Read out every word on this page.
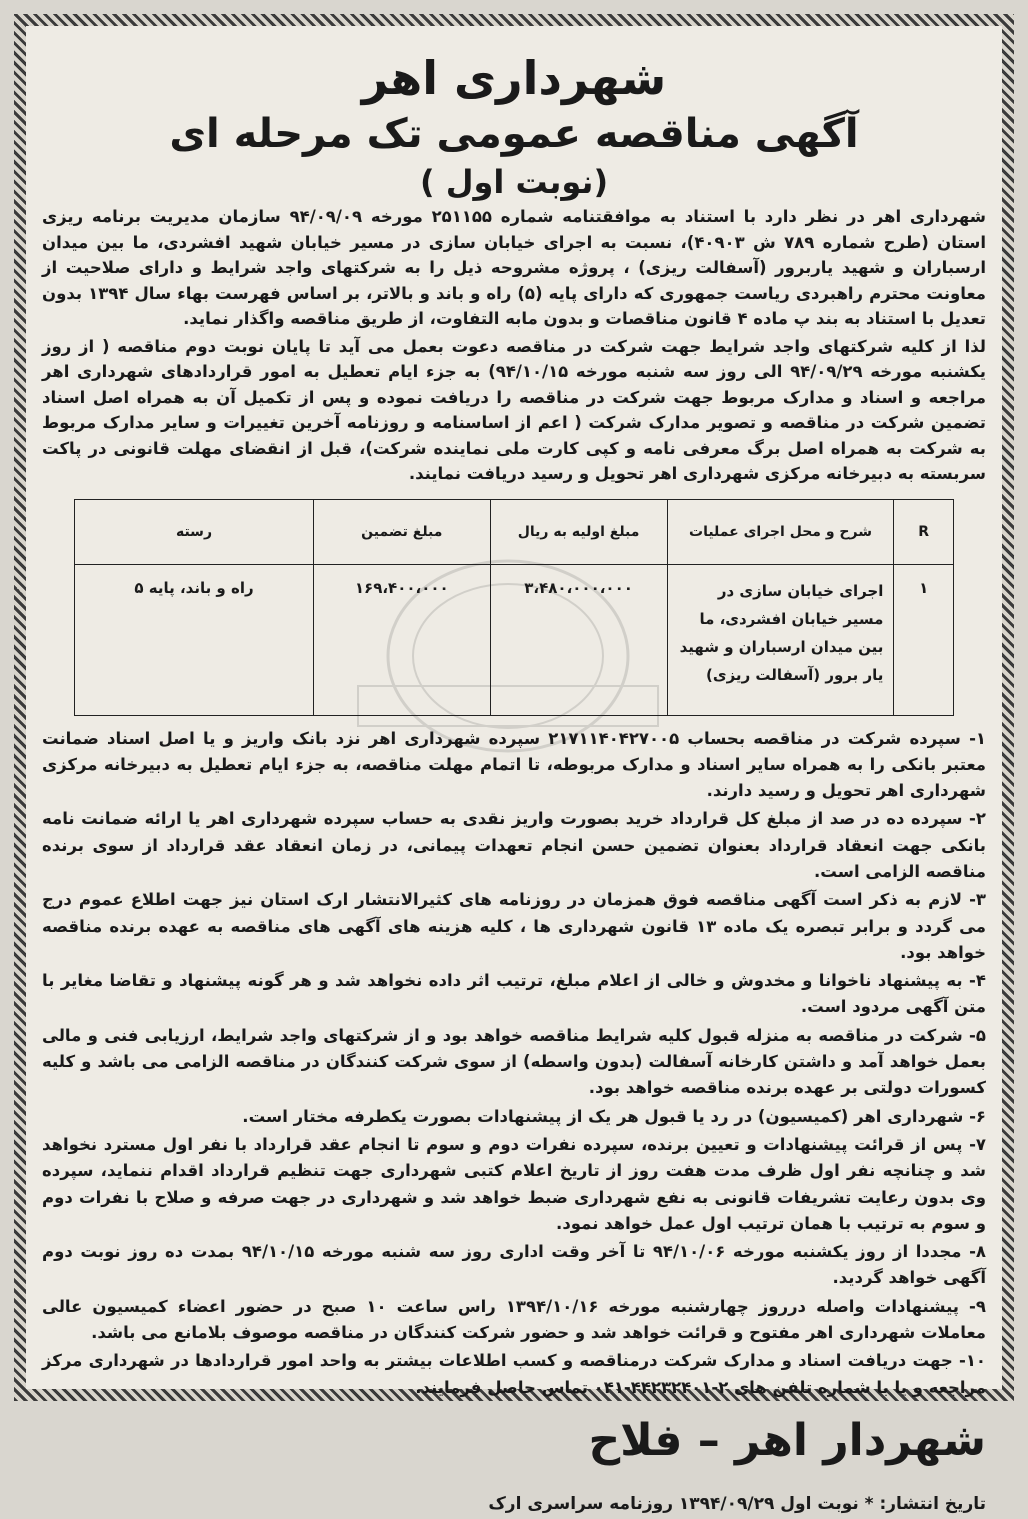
شهرداری اهر
آگهی مناقصه عمومی تک مرحله ای
(نوبت اول )

شهرداری اهر در نظر دارد با استناد به موافقتنامه شماره ۲۵۱۱۵۵ مورخه ۹۴/۰۹/۰۹ سازمان مدیریت برنامه ریزی استان (طرح شماره ۷۸۹ ش ۴۰۹۰۳)، نسبت به اجرای خیابان سازی در مسیر خیابان شهید افشردی، ما بین میدان ارسباران و شهید یاربرور (آسفالت ریزی) ، پروژه مشروحه ذیل را به شرکتهای واجد شرایط و دارای صلاحیت از معاونت محترم راهبردی ریاست جمهوری که دارای پایه (۵) راه و باند و بالاتر، بر اساس فهرست بهاء سال ۱۳۹۴ بدون تعدیل با استناد به بند پ ماده ۴ قانون مناقصات و بدون مابه التفاوت، از طریق مناقصه واگذار نماید.

لذا از کلیه شرکتهای واجد شرایط جهت شرکت در مناقصه دعوت بعمل می آید تا پایان نوبت دوم مناقصه ( از روز یکشنبه مورخه ۹۴/۰۹/۲۹ الی روز سه شنبه مورخه ۹۴/۱۰/۱۵) به جزء ایام تعطیل به امور قراردادهای شهرداری اهر مراجعه و اسناد و مدارک مربوط جهت شرکت در مناقصه را دریافت نموده و پس از تکمیل آن به همراه اصل اسناد تضمین شرکت در مناقصه و تصویر مدارک شرکت ( اعم از اساسنامه و روزنامه آخرین تغییرات و سایر مدارک مربوط به شرکت به همراه اصل برگ معرفی نامه و کپی کارت ملی نماینده شرکت)، قبل از انقضای مهلت قانونی در پاکت سربسته به دبیرخانه مرکزی شهرداری اهر تحویل و رسید دریافت نمایند.

R	شرح و محل اجرای عملیات	مبلغ اولیه به ریال	مبلغ تضمین	رسته
۱	اجرای خیابان سازی در مسیر خیابان افشردی، ما بین میدان ارسباران و شهید یار برور (آسفالت ریزی)	۳،۴۸۰،۰۰۰،۰۰۰	۱۶۹،۴۰۰،۰۰۰	راه و باند، پایه ۵

۱- سپرده شرکت در مناقصه بحساب ۲۱۷۱۱۴۰۴۲۷۰۰۵ سپرده شهرداری اهر نزد بانک واریز و یا اصل اسناد ضمانت معتبر بانکی را به همراه سایر اسناد و مدارک مربوطه، تا اتمام مهلت مناقصه، به جزء ایام تعطیل به دبیرخانه مرکزی شهرداری اهر تحویل و رسید دارند.

۲- سپرده ده در صد از مبلغ کل قرارداد خرید بصورت واریز نقدی به حساب سپرده شهرداری اهر یا ارائه ضمانت نامه بانکی جهت انعقاد قرارداد بعنوان تضمین حسن انجام تعهدات پیمانی، در زمان انعقاد عقد قرارداد از سوی برنده مناقصه الزامی است.

۳- لازم به ذکر است آگهی مناقصه فوق همزمان در روزنامه های کثیرالانتشار ارک استان نیز جهت اطلاع عموم درج می گردد و برابر تبصره یک ماده ۱۳ قانون شهرداری ها ، کلیه هزینه های آگهی های مناقصه به عهده برنده مناقصه خواهد بود.

۴- به پیشنهاد ناخوانا و مخدوش و خالی از اعلام مبلغ، ترتیب اثر داده نخواهد شد و هر گونه پیشنهاد و تقاضا مغایر با متن آگهی مردود است.

۵- شرکت در مناقصه به منزله قبول کلیه شرایط مناقصه خواهد بود و از شرکتهای واجد شرایط، ارزیابی فنی و مالی بعمل خواهد آمد و داشتن کارخانه آسفالت (بدون واسطه) از سوی شرکت کنندگان در مناقصه الزامی می باشد و کلیه کسورات دولتی بر عهده برنده مناقصه خواهد بود.

۶- شهرداری اهر (کمیسیون) در رد یا قبول هر یک از پیشنهادات بصورت یکطرفه مختار است.

۷- پس از قرائت پیشنهادات و تعیین برنده، سپرده نفرات دوم و سوم تا انجام عقد قرارداد با نفر اول مسترد نخواهد شد و چنانچه نفر اول ظرف مدت هفت روز از تاریخ اعلام کتبی شهرداری جهت تنظیم قرارداد اقدام ننماید، سپرده وی بدون رعایت تشریفات قانونی به نفع شهرداری ضبط خواهد شد و شهرداری در جهت صرفه و صلاح با نفرات دوم و سوم به ترتیب با همان ترتیب اول عمل خواهد نمود.

۸- مجددا از روز یکشنبه مورخه ۹۴/۱۰/۰۶ تا آخر وقت اداری روز سه شنبه مورخه ۹۴/۱۰/۱۵ بمدت ده روز نوبت دوم آگهی خواهد گردید.

۹- پیشنهادات واصله درروز چهارشنبه مورخه ۱۳۹۴/۱۰/۱۶ راس ساعت ۱۰ صبح در حضور اعضاء کمیسیون عالی معاملات شهرداری اهر مفتوح و قرائت خواهد شد و حضور شرکت کنندگان در مناقصه موصوف بلامانع می باشد.

۱۰- جهت دریافت اسناد و مدارک شرکت درمناقصه و کسب اطلاعات بیشتر به واحد امور قراردادها در شهرداری مرکز مراجعه و یا با شماره تلفن های ۲-۴۴۲۳۲۴۰۱-۰۴۱ تماس حاصل فرمایند.

شهردار اهر – فلاح
تاریخ انتشار: * نوبت اول ۱۳۹۴/۰۹/۲۹ روزنامه سراسری ارک
